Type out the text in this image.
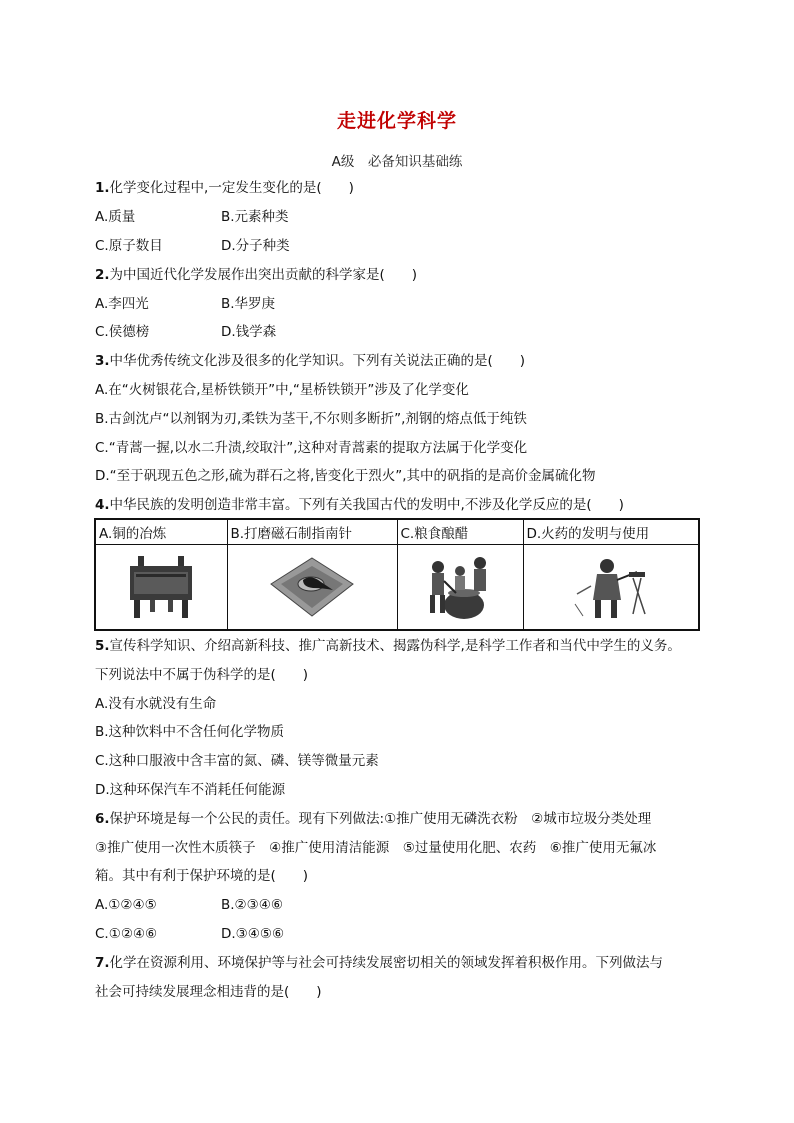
走进化学科学
A级　必备知识基础练
1.化学变化过程中,一定发生变化的是(　　)
A.质量	B.元素种类
C.原子数目	D.分子种类
2.为中国近代化学发展作出突出贡献的科学家是(　　)
A.李四光	B.华罗庚
C.侯德榜	D.钱学森
3.中华优秀传统文化涉及很多的化学知识。下列有关说法正确的是(　　)
A.在“火树银花合,星桥铁锁开”中,“星桥铁锁开”涉及了化学变化
B.古剑沈卢“以剂钢为刃,柔铁为茎干,不尔则多断折”,剂钢的熔点低于纯铁
C.“青蒿一握,以水二升渍,绞取汁”,这种对青蒿素的提取方法属于化学变化
D.“至于矾现五色之形,硫为群石之将,皆变化于烈火”,其中的矾指的是高价金属硫化物
4.中华民族的发明创造非常丰富。下列有关我国古代的发明中,不涉及化学反应的是(　　)
A.铜的冶炼	B.打磨磁石制指南针	C.粮食酿醋	D.火药的发明与使用

5.宣传科学知识、介绍高新科技、推广高新技术、揭露伪科学,是科学工作者和当代中学生的义务。
下列说法中不属于伪科学的是(　　)
A.没有水就没有生命
B.这种饮料中不含任何化学物质
C.这种口服液中含丰富的氮、磷、镁等微量元素
D.这种环保汽车不消耗任何能源
6.保护环境是每一个公民的责任。现有下列做法:①推广使用无磷洗衣粉　②城市垃圾分类处理
③推广使用一次性木质筷子　④推广使用清洁能源　⑤过量使用化肥、农药　⑥推广使用无氟冰
箱。其中有利于保护环境的是(　　)
A.①②④⑤	B.②③④⑥
C.①②④⑥	D.③④⑤⑥
7.化学在资源利用、环境保护等与社会可持续发展密切相关的领域发挥着积极作用。下列做法与
社会可持续发展理念相违背的是(　　)
